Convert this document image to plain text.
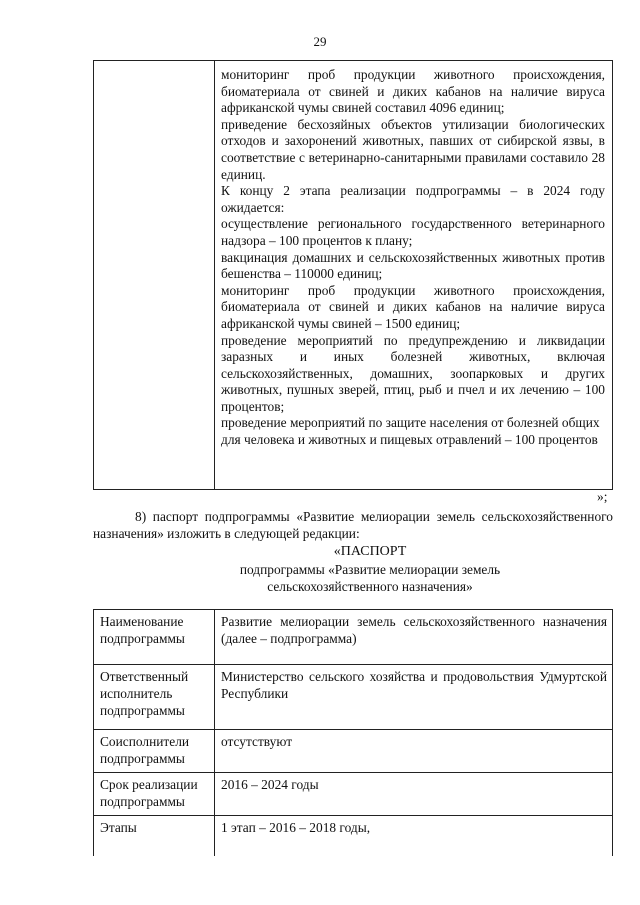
29

мониторинг проб продукции животного происхождения, биоматериала от свиней и диких кабанов на наличие вируса африканской чумы свиней составил 4096 единиц;

приведение бесхозяйных объектов утилизации биологических отходов и захоронений животных, павших от сибирской язвы, в соответствие с ветеринарно-санитарными правилами составило 28 единиц.

К концу 2 этапа реализации подпрограммы – в 2024 году ожидается:

осуществление регионального государственного ветеринарного надзора – 100 процентов к плану;

вакцинация домашних и сельскохозяйственных животных против бешенства – 110000 единиц;

мониторинг проб продукции животного происхождения, биоматериала от свиней и диких кабанов на наличие вируса африканской чумы свиней – 1500 единиц;

проведение мероприятий по предупреждению и ликвидации заразных и иных болезней животных, включая сельскохозяйственных, домашних, зоопарковых и других животных, пушных зверей, птиц, рыб и пчел и их лечению – 100 процентов;

проведение мероприятий по защите населения от болезней общих для человека и животных и пищевых отравлений – 100 процентов

»;

8) паспорт подпрограммы «Развитие мелиорации земель сельскохозяйственного назначения» изложить в следующей редакции:

«ПАСПОРТ
подпрограммы «Развитие мелиорации земель
сельскохозяйственного назначения»
Наименование подпрограммы	Развитие мелиорации земель сельскохозяйственного назначения (далее – подпрограмма)
Ответственный исполнитель подпрограммы	Министерство сельского хозяйства и продовольствия Удмуртской Республики
Соисполнители подпрограммы	отсутствуют
Срок реализации подпрограммы	2016 – 2024 годы
Этапы	1 этап – 2016 – 2018 годы,
